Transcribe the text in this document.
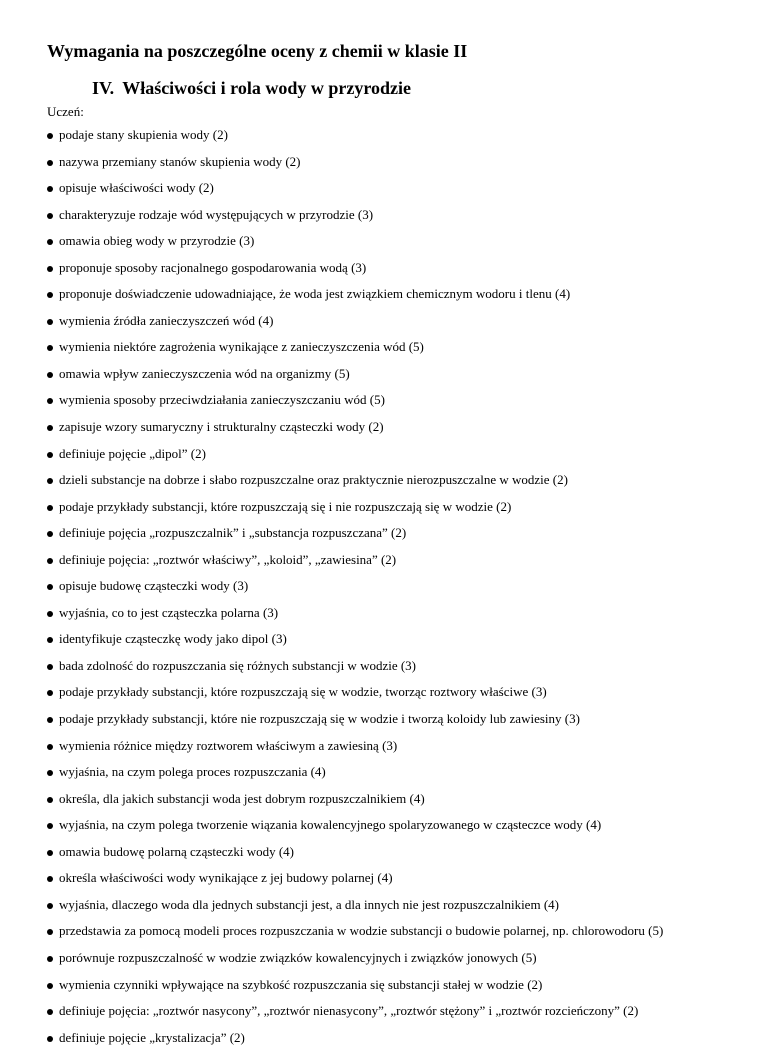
Wymagania na poszczególne oceny z chemii w klasie II
IV. Właściwości i rola wody w przyrodzie

Uczeń:

podaje stany skupienia wody (2)
nazywa przemiany stanów skupienia wody (2)
opisuje właściwości wody (2)
charakteryzuje rodzaje wód występujących w przyrodzie (3)
omawia obieg wody w przyrodzie (3)
proponuje sposoby racjonalnego gospodarowania wodą (3)
proponuje doświadczenie udowadniające, że woda jest związkiem chemicznym wodoru i tlenu (4)
wymienia źródła zanieczyszczeń wód (4)
wymienia niektóre zagrożenia wynikające z zanieczyszczenia wód (5)
omawia wpływ zanieczyszczenia wód na organizmy (5)
wymienia sposoby przeciwdziałania zanieczyszczaniu wód (5)
zapisuje wzory sumaryczny i strukturalny cząsteczki wody (2)
definiuje pojęcie „dipol” (2)
dzieli substancje na dobrze i słabo rozpuszczalne oraz praktycznie nierozpuszczalne w wodzie (2)
podaje przykłady substancji, które rozpuszczają się i nie rozpuszczają się w wodzie (2)
definiuje pojęcia „rozpuszczalnik” i „substancja rozpuszczana” (2)
definiuje pojęcia: „roztwór właściwy”, „koloid”, „zawiesina” (2)
opisuje budowę cząsteczki wody (3)
wyjaśnia, co to jest cząsteczka polarna (3)
identyfikuje cząsteczkę wody jako dipol (3)
bada zdolność do rozpuszczania się różnych substancji w wodzie (3)
podaje przykłady substancji, które rozpuszczają się w wodzie, tworząc roztwory właściwe (3)
podaje przykłady substancji, które nie rozpuszczają się w wodzie i tworzą koloidy lub zawiesiny (3)
wymienia różnice między roztworem właściwym a zawiesiną (3)
wyjaśnia, na czym polega proces rozpuszczania (4)
określa, dla jakich substancji woda jest dobrym rozpuszczalnikiem (4)
wyjaśnia, na czym polega tworzenie wiązania kowalencyjnego spolaryzowanego w cząsteczce wody (4)
omawia budowę polarną cząsteczki wody (4)
określa właściwości wody wynikające z jej budowy polarnej (4)
wyjaśnia, dlaczego woda dla jednych substancji jest, a dla innych nie jest rozpuszczalnikiem (4)
przedstawia za pomocą modeli proces rozpuszczania w wodzie substancji o budowie polarnej, np. chlorowodoru (5)
porównuje rozpuszczalność w wodzie związków kowalencyjnych i związków jonowych (5)
wymienia czynniki wpływające na szybkość rozpuszczania się substancji stałej w wodzie (2)
definiuje pojęcia: „roztwór nasycony”, „roztwór nienasycony”, „roztwór stężony” i „roztwór rozcieńczony” (2)
definiuje pojęcie „krystalizacja” (2)
